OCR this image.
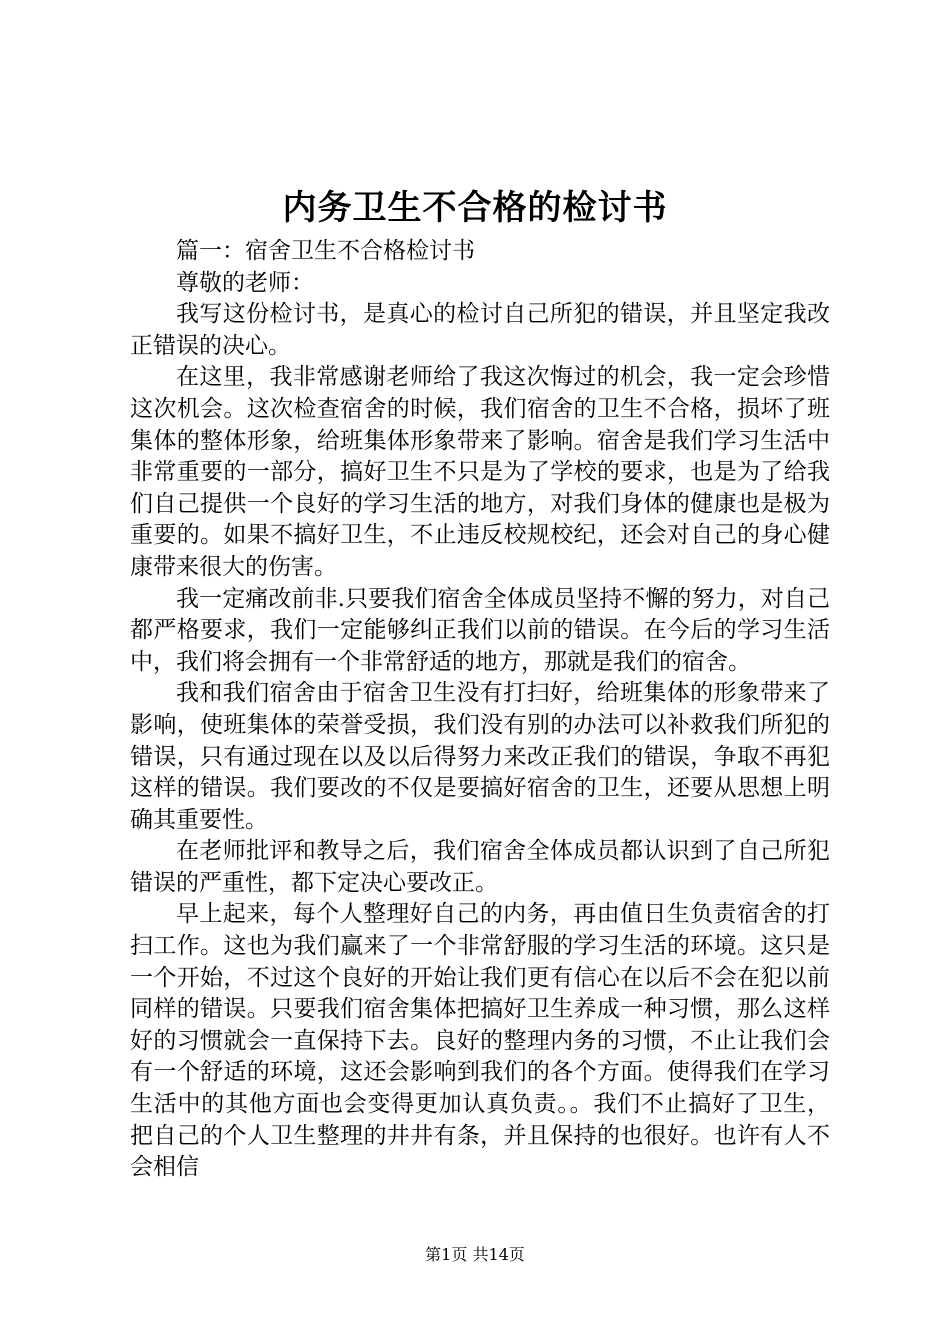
内务卫生不合格的检讨书

篇一：宿舍卫生不合格检讨书

尊敬的老师：

我写这份检讨书，是真心的检讨自己所犯的错误，并且坚定我改正错误的决心。

在这里，我非常感谢老师给了我这次悔过的机会，我一定会珍惜这次机会。这次检查宿舍的时候，我们宿舍的卫生不合格，损坏了班集体的整体形象，给班集体形象带来了影响。宿舍是我们学习生活中非常重要的一部分，搞好卫生不只是为了学校的要求，也是为了给我们自己提供一个良好的学习生活的地方，对我们身体的健康也是极为重要的。如果不搞好卫生，不止违反校规校纪，还会对自己的身心健康带来很大的伤害。

我一定痛改前非.只要我们宿舍全体成员坚持不懈的努力，对自己都严格要求，我们一定能够纠正我们以前的错误。在今后的学习生活中，我们将会拥有一个非常舒适的地方，那就是我们的宿舍。

我和我们宿舍由于宿舍卫生没有打扫好，给班集体的形象带来了影响，使班集体的荣誉受损，我们没有别的办法可以补救我们所犯的错误，只有通过现在以及以后得努力来改正我们的错误，争取不再犯这样的错误。我们要改的不仅是要搞好宿舍的卫生，还要从思想上明确其重要性。

在老师批评和教导之后，我们宿舍全体成员都认识到了自己所犯错误的严重性，都下定决心要改正。

早上起来，每个人整理好自己的内务，再由值日生负责宿舍的打扫工作。这也为我们赢来了一个非常舒服的学习生活的环境。这只是一个开始，不过这个良好的开始让我们更有信心在以后不会在犯以前同样的错误。只要我们宿舍集体把搞好卫生养成一种习惯，那么这样好的习惯就会一直保持下去。良好的整理内务的习惯，不止让我们会有一个舒适的环境，这还会影响到我们的各个方面。使得我们在学习生活中的其他方面也会变得更加认真负责。。我们不止搞好了卫生，把自己的个人卫生整理的井井有条，并且保持的也很好。也许有人不会相信

第1页 共14页
